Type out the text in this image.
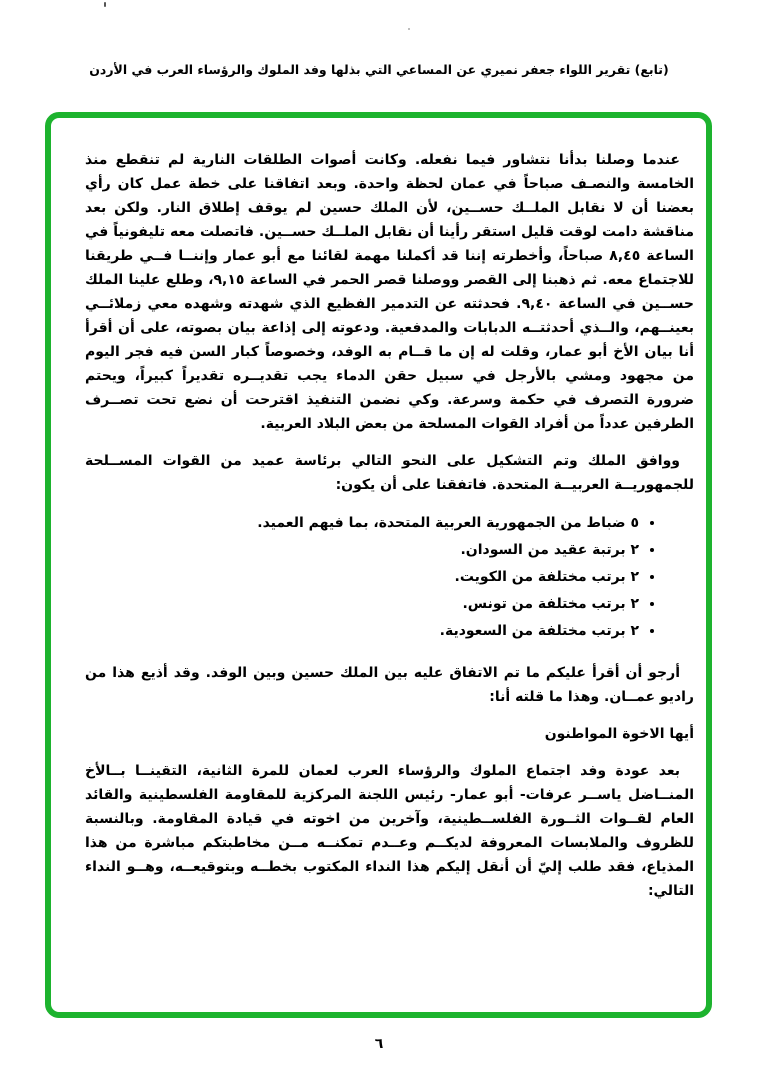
(تابع) تقرير اللواء جعفر نميري عن المساعي التي بذلها وفد الملوك والرؤساء العرب في الأردن

عندما وصلنا بدأنا نتشاور فيما نفعله. وكانت أصوات الطلقات النارية لم تنقطع منذ الخامسة والنصـف صباحاً في عمان لحظة واحدة. وبعد اتفاقنا على خطة عمل كان رأي بعضنا أن لا نقابل الملــك حســين، لأن الملك حسين لم يوقف إطلاق النار. ولكن بعد مناقشة دامت لوقت قليل استقر رأينا أن نقابل الملــك حســين. فاتصلت معه تليفونياً في الساعة ٨,٤٥ صباحاً، وأخطرته إننا قد أكملنا مهمة لقائنا مع أبو عمار وإننــا فــي طريقنا للاجتماع معه. ثم ذهبنا إلى القصر ووصلنا قصر الحمر في الساعة ٩,١٥، وطلع علينا الملك حســين في الساعة ٩,٤٠. فحدثته عن التدمير الفظيع الذي شهدته وشهده معي زملائــي بعينــهم، والــذي أحدثتــه الدبابات والمدفعية. ودعوته إلى إذاعة بيان بصوته، على أن أقرأ أنا بيان الأخ أبو عمار، وقلت له إن ما قــام به الوفد، وخصوصاً كبار السن فيه فجر اليوم من مجهود ومشي بالأرجل في سبيل حقن الدماء يجب تقديــره تقديراً كبيراً، ويحتم ضرورة التصرف في حكمة وسرعة. وكي نضمن التنفيذ اقترحت أن نضع تحت تصــرف الطرفين عدداً من أفراد القوات المسلحة من بعض البلاد العربية.

ووافق الملك وتم التشكيل على النحو التالي برئاسة عميد من القوات المســلحة للجمهوريــة العربيــة المتحدة. فاتفقنا على أن يكون:

• ٥ ضباط من الجمهورية العربية المتحدة، بما فيهم العميد.
• ٢ برتبة عقيد من السودان.
• ٢ برتب مختلفة من الكويت.
• ٢ برتب مختلفة من تونس.
• ٢ برتب مختلفة من السعودية.

أرجو أن أقرأ عليكم ما تم الاتفاق عليه بين الملك حسين وبين الوفد. وقد أذيع هذا من راديو عمــان. وهذا ما قلته أنا:

أيها الاخوة المواطنون

بعد عودة وفد اجتماع الملوك والرؤساء العرب لعمان للمرة الثانية، التقينــا بــالأخ المنــاضل ياســر عرفات- أبو عمار- رئيس اللجنة المركزية للمقاومة الفلسطينية والقائد العام لقــوات الثــورة الفلســطينية، وآخرين من اخوته في قيادة المقاومة. وبالنسبة للظروف والملابسات المعروفة لديكــم وعــدم تمكنــه مــن مخاطبتكم مباشرة من هذا المذياع، فقد طلب إليّ أن أنقل إليكم هذا النداء المكتوب بخطــه وبتوقيعــه، وهــو النداء التالي:

٦
